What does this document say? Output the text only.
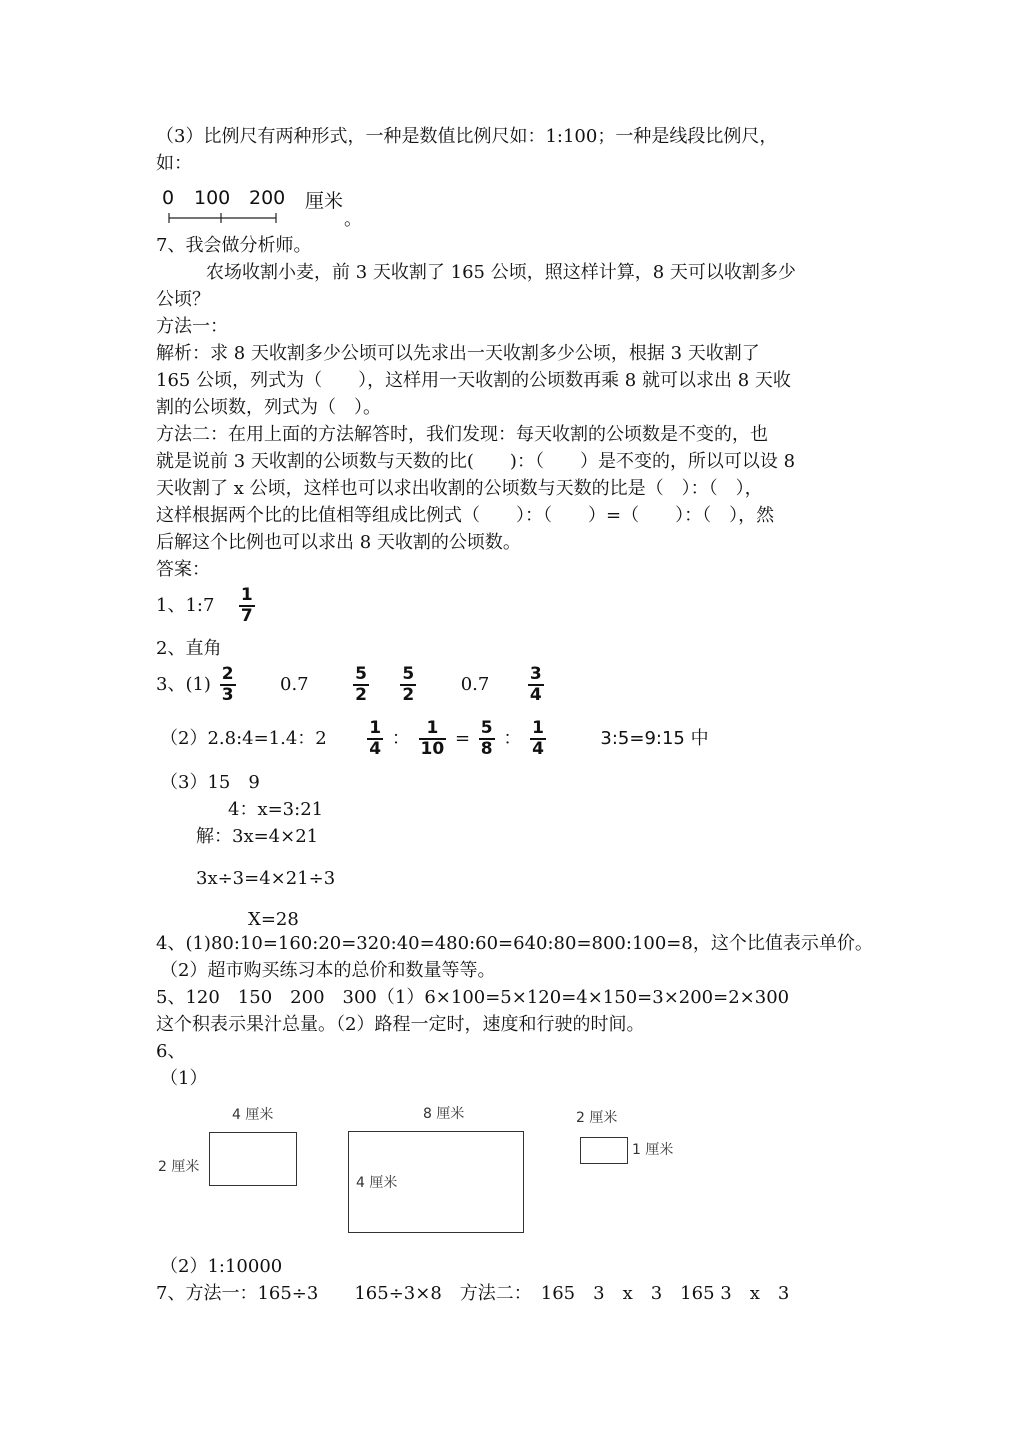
（3）比例尺有两种形式，一种是数值比例尺如：1:100；一种是线段比例尺，
如：
0 100 200 厘米
。
7、我会做分析师。
农场收割小麦，前 3 天收割了 165 公顷，照这样计算，8 天可以收割多少
公顷？
方法一：
解析：求 8 天收割多少公顷可以先求出一天收割多少公顷，根据 3 天收割了
165 公顷，列式为（　　），这样用一天收割的公顷数再乘 8 就可以求出 8 天收
割的公顷数，列式为（　）。
方法二：在用上面的方法解答时，我们发现：每天收割的公顷数是不变的，也
就是说前 3 天收割的公顷数与天数的比(　　)：（　　）是不变的，所以可以设 8
天收割了 x 公顷，这样也可以求出收割的公顷数与天数的比是（　）：（　），
这样根据两个比的比值相等组成比例式（　　）：（　　）=（　　）：（　），然
后解这个比例也可以求出 8 天收割的公顷数。
答案：
1、1:7 $\frac{1}{7}$
2、直角
3、$(1) \frac{2}{3} 0.7$	$\frac{5}{2}$
$\frac{5}{2} 0.7 \frac{3}{4}$
（2）2.8:4=1.4：$2 \frac{1}{4}$ ： $\frac{1}{10} = \frac{5}{8}$ ： $\frac{1}{4}$	3:5=9:15 中
（3）15　9
4：x=3:21
解：3x=4×21
3x÷3=4×21÷3
X=28
4、(1)80:10=160:20=320:40=480:60=640:80=800:100=8，这个比值表示单价。
（2）超市购买练习本的总价和数量等等。
5、120　150　200　300（1）6×100=5×120=4×150=3×200=2×300
这个积表示果汁总量。（2）路程一定时，速度和行驶的时间。
6、
（1）
4 厘米
2 厘米
8 厘米
4 厘米
2 厘米
1 厘米
（2）1:10000
7、方法一：165÷3　　165÷3×8　方法二：　165　3　x　3　165 3　x　3
